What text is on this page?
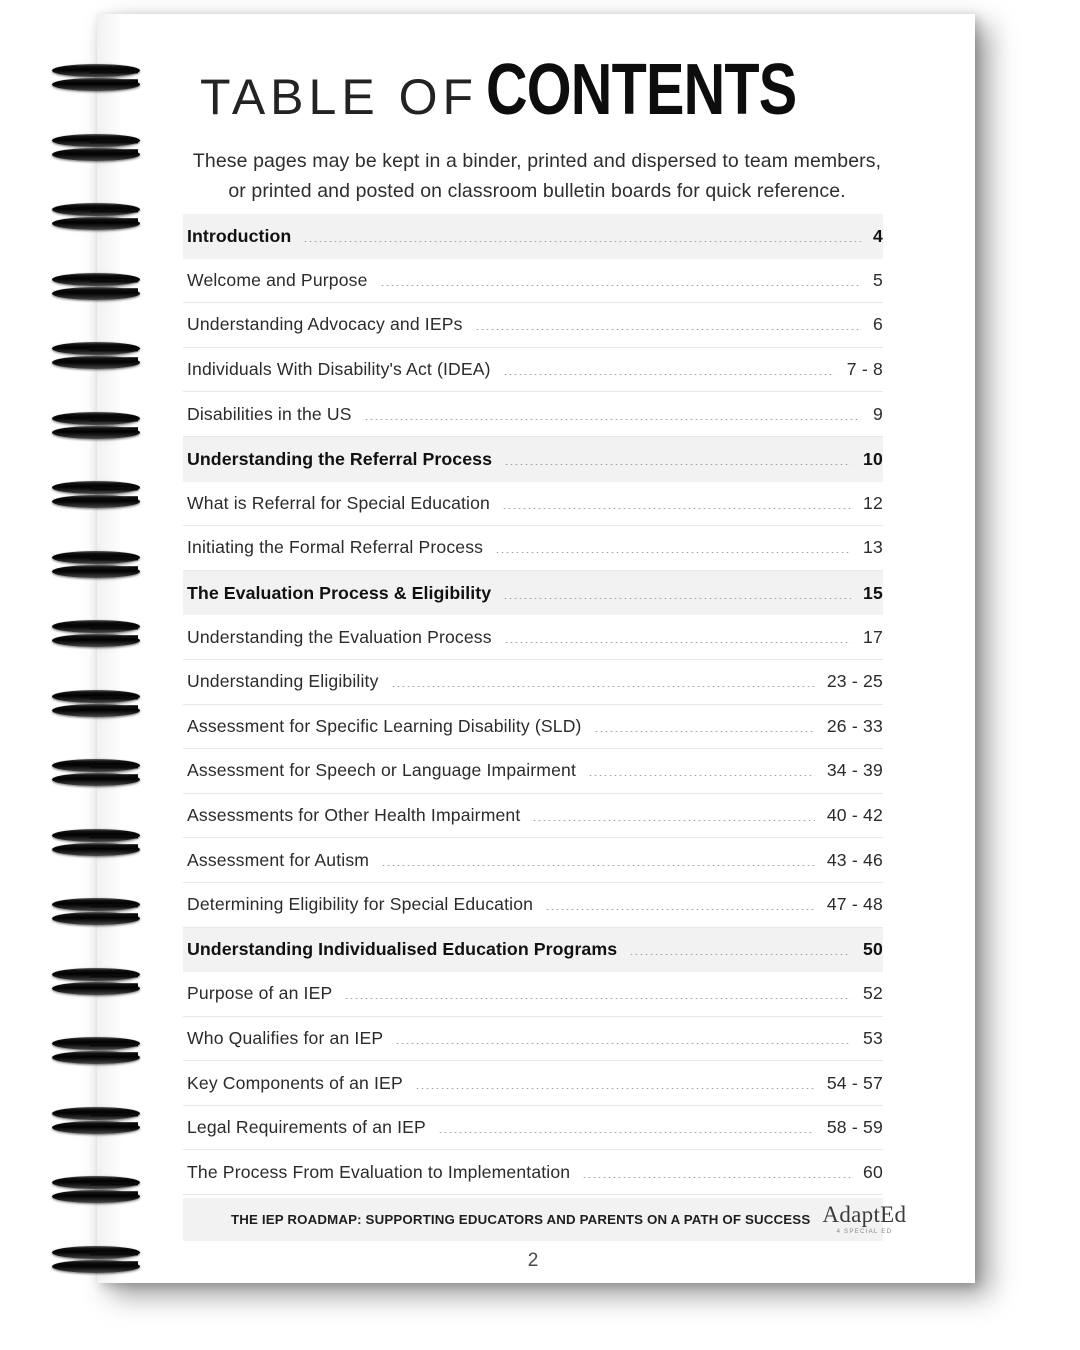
TABLE OF CONTENTS
These pages may be kept in a binder, printed and dispersed to team members, or printed and posted on classroom bulletin boards for quick reference.
Introduction	4
Welcome and Purpose	5
Understanding Advocacy and IEPs	6
Individuals With Disability's Act (IDEA)	7 - 8
Disabilities in the US	9
Understanding the Referral Process	10
What is Referral for Special Education	12
Initiating the Formal Referral Process	13
The Evaluation Process & Eligibility	15
Understanding the Evaluation Process	17
Understanding Eligibility	23 - 25
Assessment for Specific Learning Disability (SLD)	26 - 33
Assessment for Speech or Language Impairment	34 - 39
Assessments for Other Health Impairment	40 - 42
Assessment for Autism	43 - 46
Determining Eligibility for Special Education	47 - 48
Understanding Individualised Education Programs	50
Purpose of an IEP	52
Who Qualifies for an IEP	53
Key Components of an IEP	54 - 57
Legal Requirements of an IEP	58 - 59
The Process From Evaluation to Implementation	60
THE IEP ROADMAP: SUPPORTING EDUCATORS AND PARENTS ON A PATH OF SUCCESS AdaptEd
4 SPECIAL ED
2
